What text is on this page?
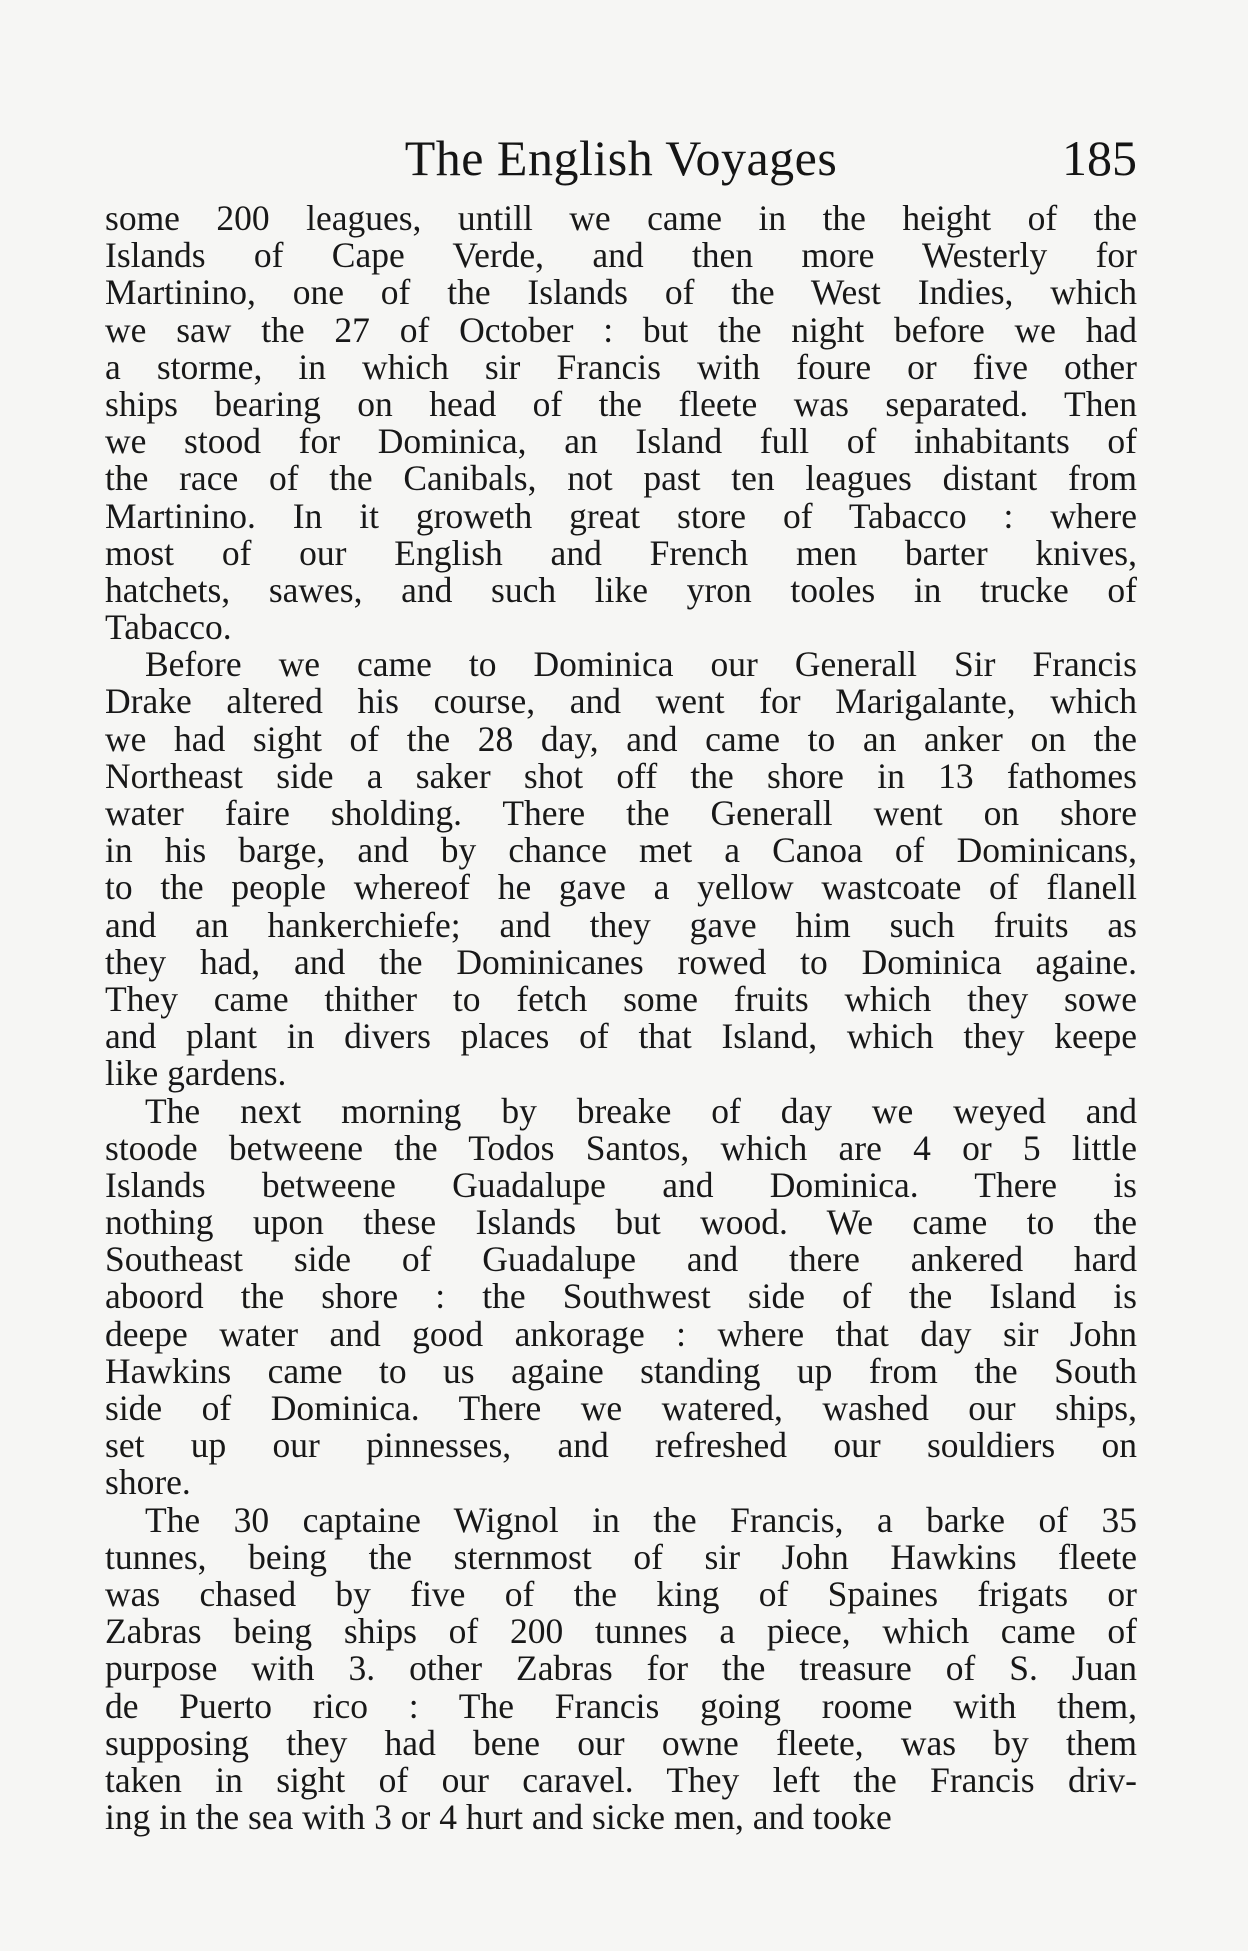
The English Voyages	185
some 200 leagues, untill we came in the height of the
Islands of Cape Verde, and then more Westerly for
Martinino, one of the Islands of the West Indies, which
we saw the 27 of October : but the night before we had
a storme, in which sir Francis with foure or five other
ships bearing on head of the fleete was separated. Then
we stood for Dominica, an Island full of inhabitants of
the race of the Canibals, not past ten leagues distant from
Martinino. In it groweth great store of Tabacco : where
most of our English and French men barter knives,
hatchets, sawes, and such like yron tooles in trucke of
Tabacco.
Before we came to Dominica our Generall Sir Francis
Drake altered his course, and went for Marigalante, which
we had sight of the 28 day, and came to an anker on the
Northeast side a saker shot off the shore in 13 fathomes
water faire sholding. There the Generall went on shore
in his barge, and by chance met a Canoa of Dominicans,
to the people whereof he gave a yellow wastcoate of flanell
and an hankerchiefe; and they gave him such fruits as
they had, and the Dominicanes rowed to Dominica againe.
They came thither to fetch some fruits which they sowe
and plant in divers places of that Island, which they keepe
like gardens.
The next morning by breake of day we weyed and
stoode betweene the Todos Santos, which are 4 or 5 little
Islands betweene Guadalupe and Dominica. There is
nothing upon these Islands but wood. We came to the
Southeast side of Guadalupe and there ankered hard
aboord the shore : the Southwest side of the Island is
deepe water and good ankorage : where that day sir John
Hawkins came to us againe standing up from the South
side of Dominica. There we watered, washed our ships,
set up our pinnesses, and refreshed our souldiers on
shore.
The 30 captaine Wignol in the Francis, a barke of 35
tunnes, being the sternmost of sir John Hawkins fleete
was chased by five of the king of Spaines frigats or
Zabras being ships of 200 tunnes a piece, which came of
purpose with 3. other Zabras for the treasure of S. Juan
de Puerto rico : The Francis going roome with them,
supposing they had bene our owne fleete, was by them
taken in sight of our caravel. They left the Francis driv-
ing in the sea with 3 or 4 hurt and sicke men, and tooke
